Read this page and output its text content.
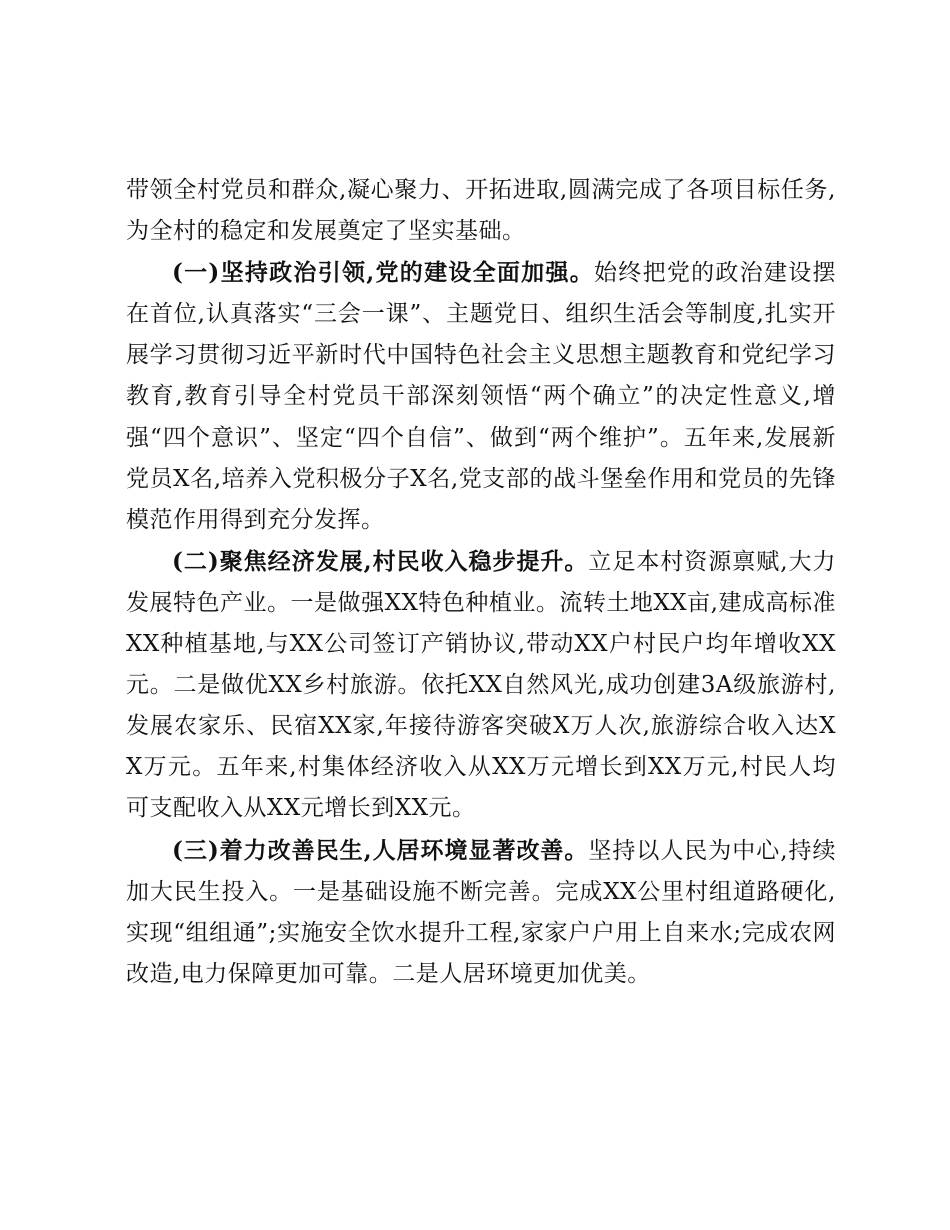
带领全村党员和群众,凝心聚力、开拓进取,圆满完成了各项目标任务,为全村的稳定和发展奠定了坚实基础。

(一)坚持政治引领,党的建设全面加强。始终把党的政治建设摆在首位,认真落实“三会一课”、主题党日、组织生活会等制度,扎实开展学习贯彻习近平新时代中国特色社会主义思想主题教育和党纪学习教育,教育引导全村党员干部深刻领悟“两个确立”的决定性意义,增强“四个意识”、坚定“四个自信”、做到“两个维护”。五年来,发展新党员X名,培养入党积极分子X名,党支部的战斗堡垒作用和党员的先锋模范作用得到充分发挥。

(二)聚焦经济发展,村民收入稳步提升。立足本村资源禀赋,大力发展特色产业。一是做强XX特色种植业。流转土地XX亩,建成高标准XX种植基地,与XX公司签订产销协议,带动XX户村民户均年增收XX元。二是做优XX乡村旅游。依托XX自然风光,成功创建3A级旅游村,发展农家乐、民宿XX家,年接待游客突破X万人次,旅游综合收入达XX万元。五年来,村集体经济收入从XX万元增长到XX万元,村民人均可支配收入从XX元增长到XX元。

(三)着力改善民生,人居环境显著改善。坚持以人民为中心,持续加大民生投入。一是基础设施不断完善。完成XX公里村组道路硬化,实现“组组通”;实施安全饮水提升工程,家家户户用上自来水;完成农网改造,电力保障更加可靠。二是人居环境更加优美。
